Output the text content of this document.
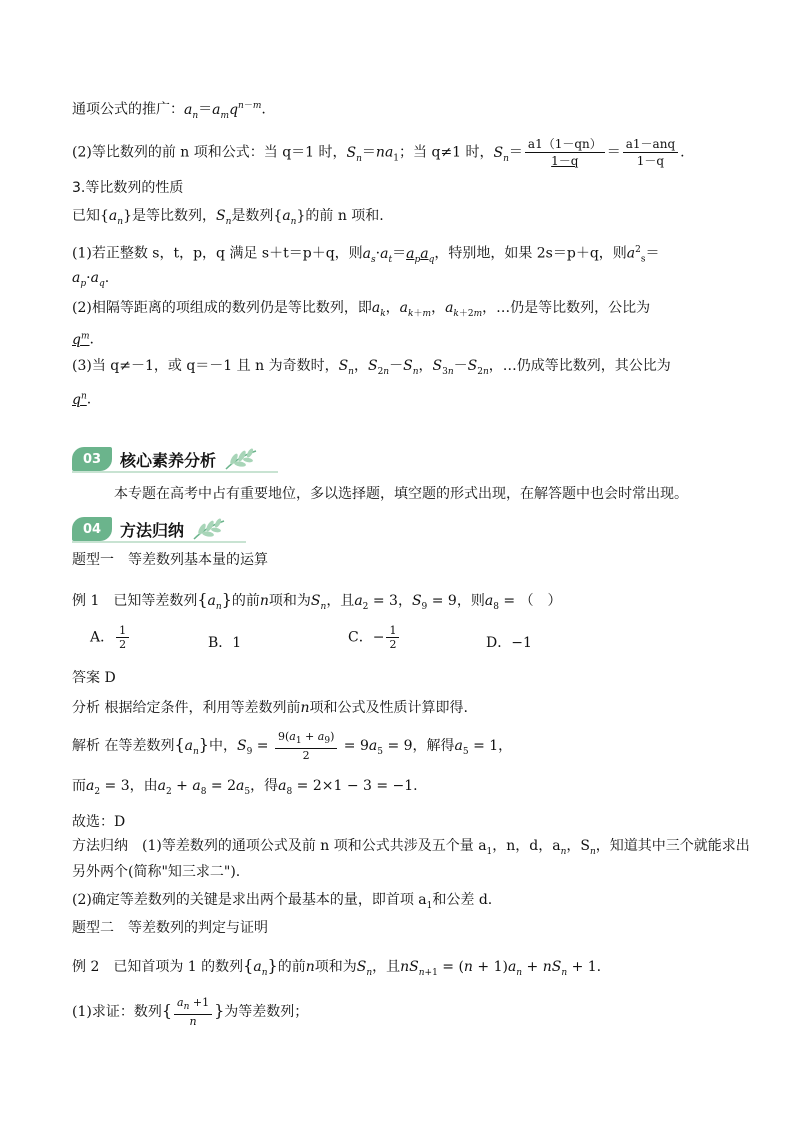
通项公式的推广：$a_n=a_mq^{n-m}$.
(2)等比数列的前 n 项和公式：当 q＝1 时，$S_n=na_1$；当 q≠1 时，$S_n= \frac{a1(1-qn)}{1-q} = \frac{\text{a1－anq}}{1-q}$ .
3.等比数列的性质
已知$\{a_n\}$是等比数列，$S_n$是数列$\{a_n\}$的前 n 项和.
(1)若正整数 s，t，p，q 满足 s＋t＝p＋q，则$a_s\cdot a_t=a_pa_q$，特别地，如果 2s＝p＋q，则$a^2_s=$
$a_p\cdot a_q$.
(2)相隔等距离的项组成的数列仍是等比数列，即$a_k$，$a_{k+m}$，$a_{k+2m}$，…仍是等比数列，公比为
$q^m$.
(3)当 q≠－1，或 q＝－1 且 n 为奇数时，$S_n$，$S_{2n}-S_n$，$S_{3n}-S_{2n}$，…仍成等比数列，其公比为
$q^n$.
03	核心素养分析
本专题在高考中占有重要地位，多以选择题，填空题的形式出现，在解答题中也会时常出现。
04	方法归纳
题型一　等差数列基本量的运算
例 1　已知等差数列$\{a_n\}$的前n项和为$S_n$，且$a_2 = 3$，$S_9 = 9$，则$a_8$ = （　）
A． $\frac{1}{2}$	B．1	C．− $\frac{1}{2}$	D．−1
答案 D
分析 根据给定条件，利用等差数列前n项和公式及性质计算即得.
解析 在等差数列$\{a_n\}$中，$S_9 = \frac{9(a_1 + a_9)}{2} = 9a_5 = 9$，解得$a_5 = 1$，
而$a_2 = 3$，由$a_2 + a_8 = 2a_5$，得$a_8 = 2\times 1 - 3 = -1$.
故选：D
方法归纳　(1)等差数列的通项公式及前 n 项和公式共涉及五个量 $a_1$，n，d，$a_n$，$S_n$，知道其中三个就能求出
另外两个(简称"知三求二").
(2)确定等差数列的关键是求出两个最基本的量，即首项 $a_1$和公差 d.
题型二　等差数列的判定与证明
例 2　已知首项为 1 的数列$\{a_n\}$的前n项和为$S_n$，且$nS_{n+1} = (n + 1)a_n + nS_n + 1$.
(1)求证：数列{ $\frac{a_n +1}{n}$ }为等差数列；
